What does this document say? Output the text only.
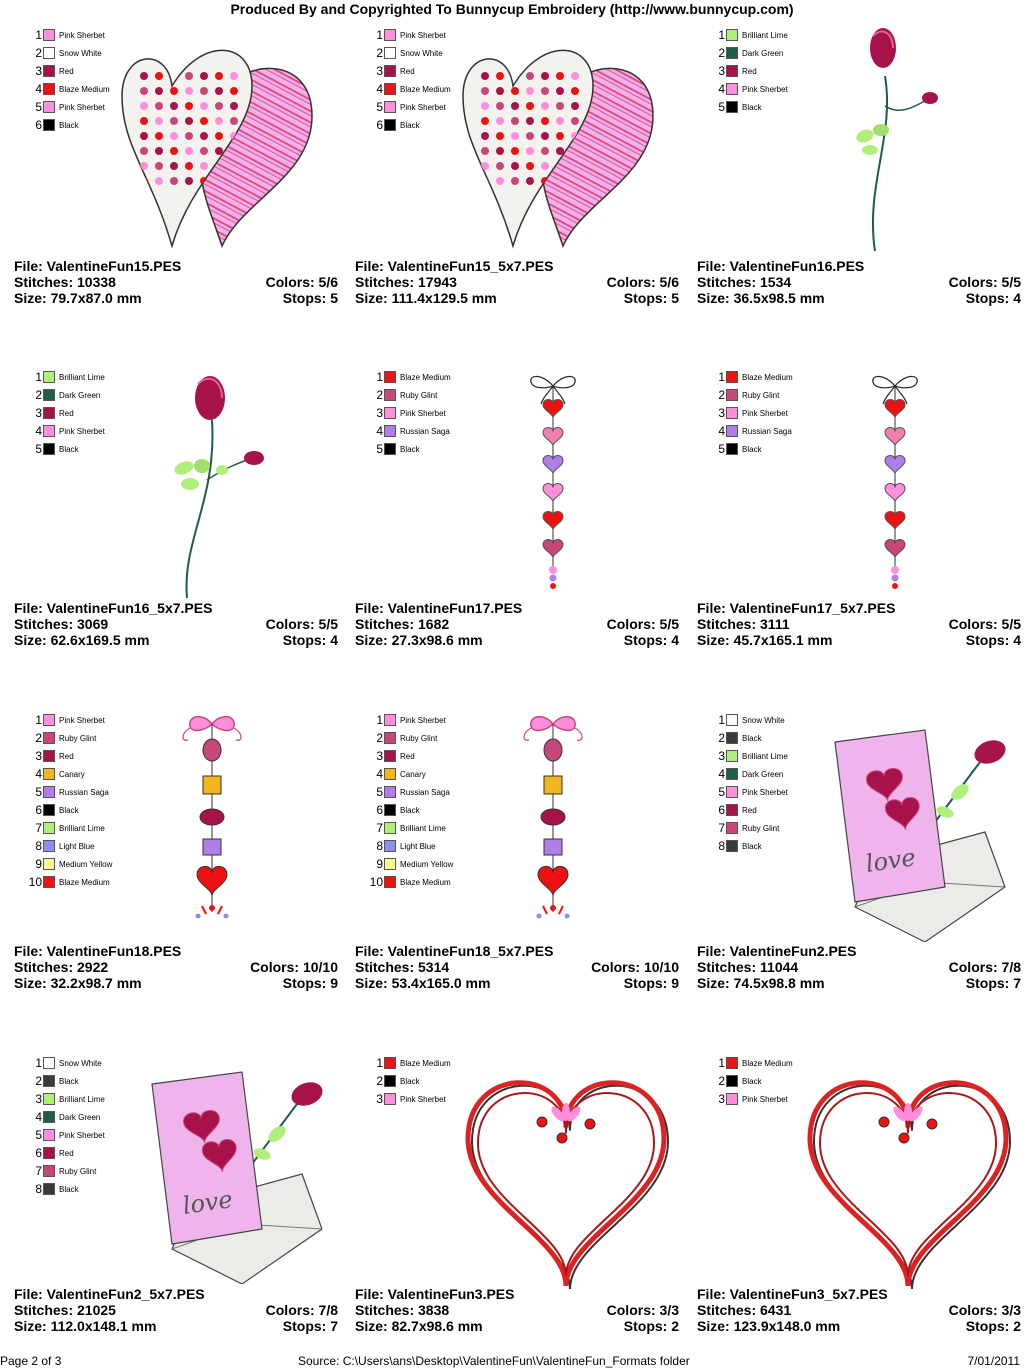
Produced By and Copyrighted To Bunnycup Embroidery (http://www.bunnycup.com)
1 Pink Sherbet
2 Snow White
3 Red
4 Blaze Medium
5 Pink Sherbet
6 Black
File: ValentineFun15.PES
Stitches: 10338	Colors: 5/6
Size: 79.7x87.0 mm	Stops: 5
1 Pink Sherbet
2 Snow White
3 Red
4 Blaze Medium
5 Pink Sherbet
6 Black
File: ValentineFun15_5x7.PES
Stitches: 17943	Colors: 5/6
Size: 111.4x129.5 mm	Stops: 5
1 Brilliant Lime
2 Dark Green
3 Red
4 Pink Sherbet
5 Black
File: ValentineFun16.PES
Stitches: 1534	Colors: 5/5
Size: 36.5x98.5 mm	Stops: 4
1 Brilliant Lime
2 Dark Green
3 Red
4 Pink Sherbet
5 Black
File: ValentineFun16_5x7.PES
Stitches: 3069	Colors: 5/5
Size: 62.6x169.5 mm	Stops: 4
1 Blaze Medium
2 Ruby Glint
3 Pink Sherbet
4 Russian Saga
5 Black
File: ValentineFun17.PES
Stitches: 1682	Colors: 5/5
Size: 27.3x98.6 mm	Stops: 4
1 Blaze Medium
2 Ruby Glint
3 Pink Sherbet
4 Russian Saga
5 Black
File: ValentineFun17_5x7.PES
Stitches: 3111	Colors: 5/5
Size: 45.7x165.1 mm	Stops: 4
1 Pink Sherbet
2 Ruby Glint
3 Red
4 Canary
5 Russian Saga
6 Black
7 Brilliant Lime
8 Light Blue
9 Medium Yellow
10 Blaze Medium
File: ValentineFun18.PES
Stitches: 2922	Colors: 10/10
Size: 32.2x98.7 mm	Stops: 9
1 Pink Sherbet
2 Ruby Glint
3 Red
4 Canary
5 Russian Saga
6 Black
7 Brilliant Lime
8 Light Blue
9 Medium Yellow
10 Blaze Medium
File: ValentineFun18_5x7.PES
Stitches: 5314	Colors: 10/10
Size: 53.4x165.0 mm	Stops: 9
1 Snow White
2 Black
3 Brilliant Lime
4 Dark Green
5 Pink Sherbet
6 Red
7 Ruby Glint
8 Black	love
File: ValentineFun2.PES
Stitches: 11044	Colors: 7/8
Size: 74.5x98.8 mm	Stops: 7
1 Snow White
2 Black
3 Brilliant Lime
4 Dark Green
5 Pink Sherbet
6 Red
7 Ruby Glint
8 Black	love
File: ValentineFun2_5x7.PES
Stitches: 21025	Colors: 7/8
Size: 112.0x148.1 mm	Stops: 7
1 Blaze Medium
2 Black
3 Pink Sherbet
File: ValentineFun3.PES
Stitches: 3838	Colors: 3/3
Size: 82.7x98.6 mm	Stops: 2
1 Blaze Medium
2 Black
3 Pink Sherbet
File: ValentineFun3_5x7.PES
Stitches: 6431	Colors: 3/3
Size: 123.9x148.0 mm	Stops: 2
Page 2 of 3	Source: C:\Users\ans\Desktop\ValentineFun\ValentineFun_Formats folder	7/01/2011
